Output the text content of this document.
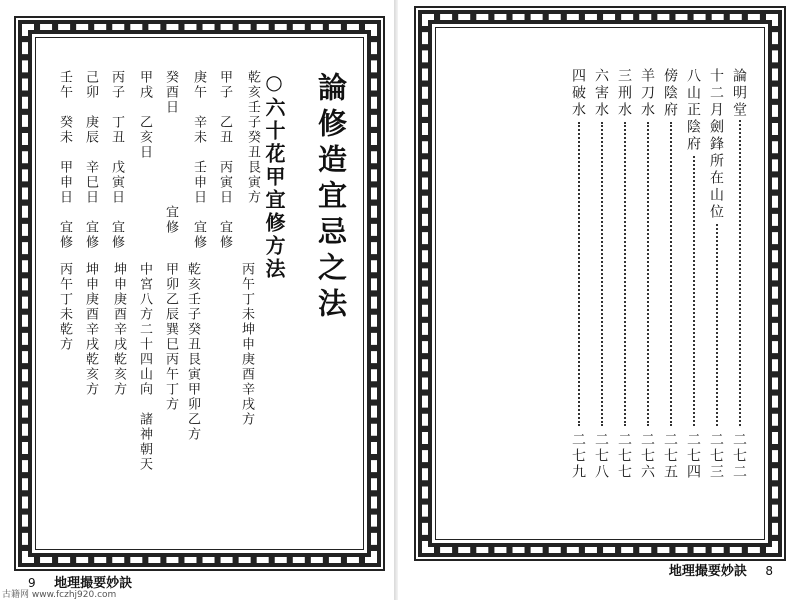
論修造宜忌之法
○六十花甲宜修方法
乾亥壬子癸丑艮寅方
甲子　乙丑　丙寅日　宜修
丙午丁未坤申庚酉辛戌方
庚午　辛未　壬申日　宜修
乾亥壬子癸丑艮寅甲卯乙方
癸酉日　　　　　　宜修
甲卯乙辰巽巳丙午丁方
甲戌　乙亥日
中宮八方二十四山向　諸神朝天
丙子　丁丑　戊寅日　宜修
坤申庚酉辛戌乾亥方
己卯　庚辰　辛巳日　宜修
坤申庚酉辛戌乾亥方
壬午　癸未　甲申日　宜修
丙午丁未乾方
9 地理撮要妙訣
古籍网 www.fczhj920.com
論明堂
二七二
十二月劍鋒所在山位
二七三
八山正陰府
二七四
傍陰府
二七五
羊刀水
二七六
三刑水
二七七
六害水
二七八
四破水
二七九
地理撮要妙訣 8
